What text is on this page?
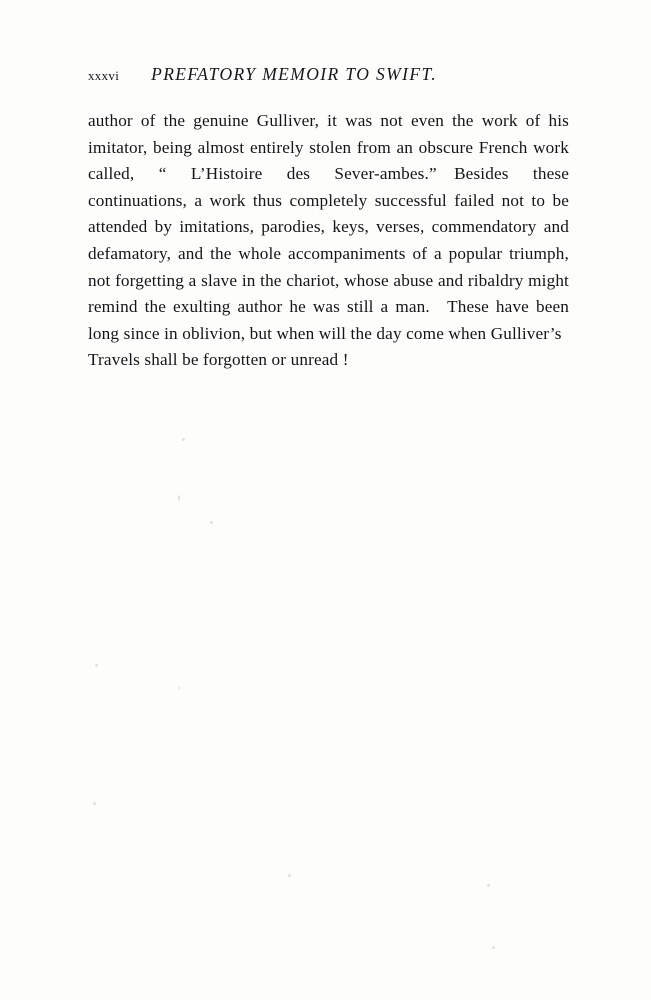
xxxvi PREFATORY MEMOIR TO SWIFT.

author of the genuine Gulliver, it was not even the work of his imitator, being almost entirely stolen from an obscure French work called, “ L’Histoire des Sever-ambes.” Besides these continuations, a work thus completely successful failed not to be attended by imitations, parodies, keys, verses, commendatory and defamatory, and the whole accompaniments of a popular triumph, not forgetting a slave in the chariot, whose abuse and ribaldry might remind the exulting author he was still a man. These have been long since in oblivion, but when will the day come when Gulliver’s
Travels shall be forgotten or unread !
